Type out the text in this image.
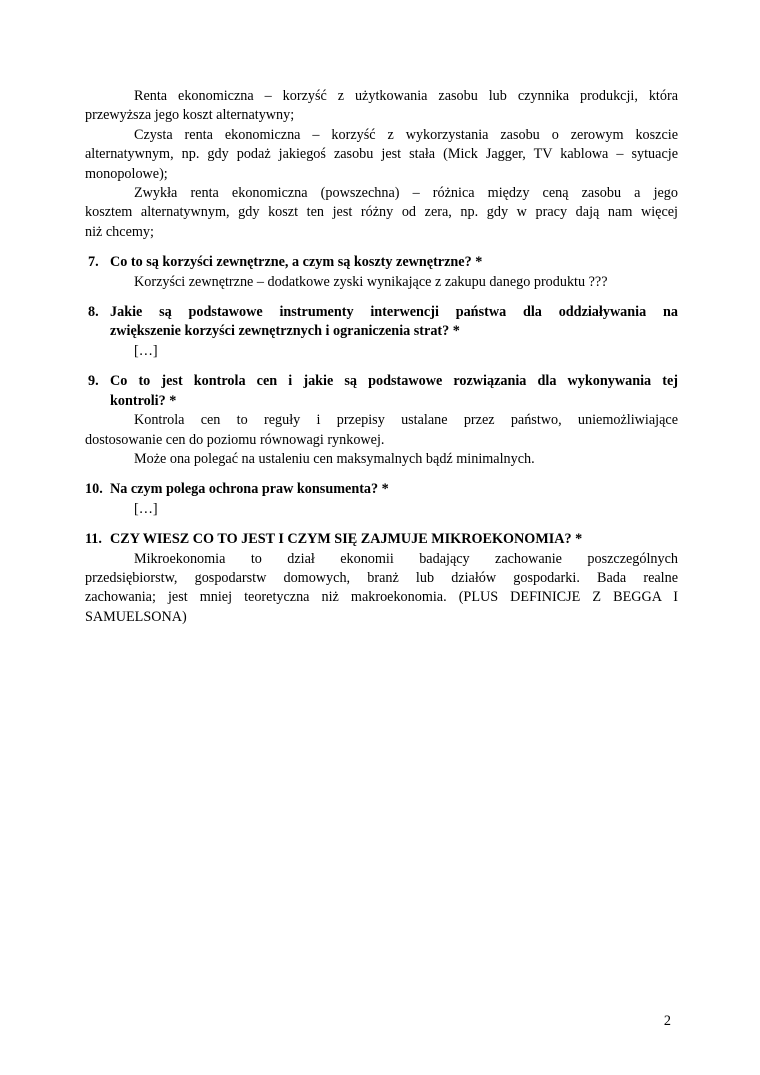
Renta ekonomiczna – korzyść z użytkowania zasobu lub czynnika produkcji, która
przewyższa jego koszt alternatywny;
Czysta renta ekonomiczna – korzyść z wykorzystania zasobu o zerowym koszcie
alternatywnym, np. gdy podaż jakiegoś zasobu jest stała (Mick Jagger, TV kablowa – sytuacje
monopolowe);
Zwykła renta ekonomiczna (powszechna) – różnica między ceną zasobu a jego
kosztem alternatywnym, gdy koszt ten jest różny od zera, np. gdy w pracy dają nam więcej
niż chcemy;
7. Co to są korzyści zewnętrzne, a czym są koszty zewnętrzne? *
Korzyści zewnętrzne – dodatkowe zyski wynikające z zakupu danego produktu ???
8. Jakie są podstawowe instrumenty interwencji państwa dla oddziaływania na
zwiększenie korzyści zewnętrznych i ograniczenia strat? *
[…]
9. Co to jest kontrola cen i jakie są podstawowe rozwiązania dla wykonywania tej
kontroli? *
Kontrola cen to reguły i przepisy ustalane przez państwo, uniemożliwiające
dostosowanie cen do poziomu równowagi rynkowej.
Może ona polegać na ustaleniu cen maksymalnych bądź minimalnych.
10. Na czym polega ochrona praw konsumenta? *
[…]
11. CZY WIESZ CO TO JEST I CZYM SIĘ ZAJMUJE MIKROEKONOMIA? *
Mikroekonomia to dział ekonomii badający zachowanie poszczególnych
przedsiębiorstw, gospodarstw domowych, branż lub działów gospodarki. Bada realne
zachowania; jest mniej teoretyczna niż makroekonomia. (PLUS DEFINICJE Z BEGGA I
SAMUELSONA)
2
